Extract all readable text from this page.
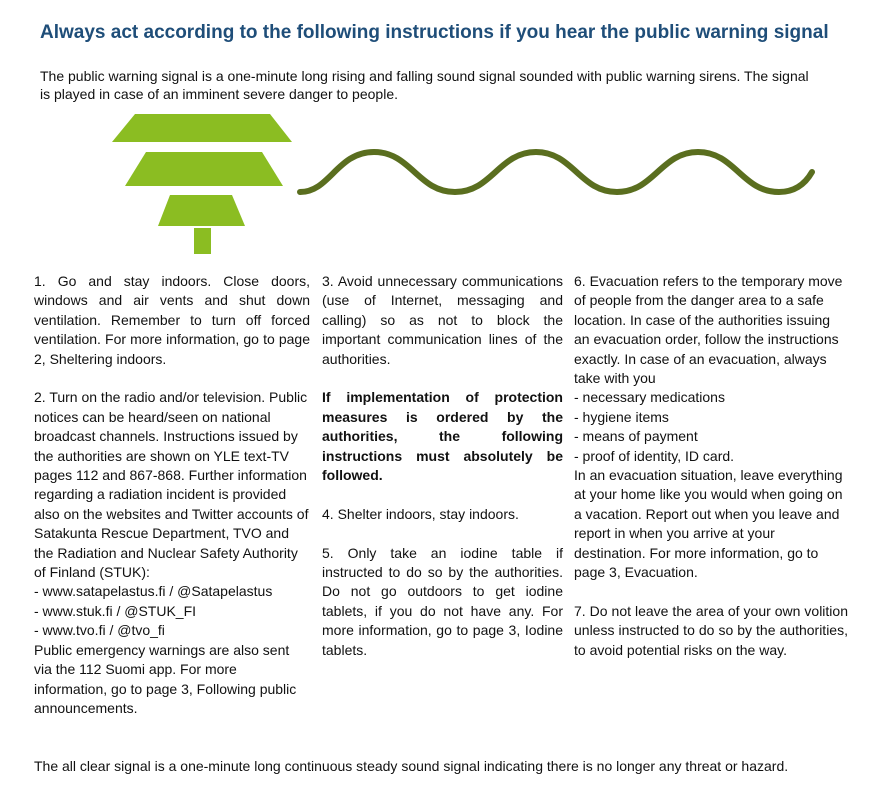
Always act according to the following instructions if you hear the public warning signal

The public warning signal is a one-minute long rising and falling sound signal sounded with public warning sirens. The signal is played in case of an imminent severe danger to people.

1. Go and stay indoors. Close doors, windows and air vents and shut down ventilation. Remember to turn off forced ventilation. For more information, go to page 2, Sheltering indoors.

2. Turn on the radio and/or television. Public notices can be heard/seen on national broadcast channels. Instructions issued by the authorities are shown on YLE text-TV pages 112 and 867-868. Further information regarding a radiation incident is provided also on the websites and Twitter accounts of Satakunta Rescue Department, TVO and the Radiation and Nuclear Safety Authority of Finland (STUK):

- www.satapelastus.fi / @Satapelastus
- www.stuk.fi / @STUK_FI
- www.tvo.fi / @tvo_fi

Public emergency warnings are also sent via the 112 Suomi app. For more information, go to page 3, Following public announcements.

3. Avoid unnecessary communications (use of Internet, messaging and calling) so as not to block the important communication lines of the authorities.

If implementation of protection measures is ordered by the authorities, the following instructions must absolutely be followed.

4. Shelter indoors, stay indoors.

5. Only take an iodine table if instructed to do so by the authorities. Do not go outdoors to get iodine tablets, if you do not have any. For more information, go to page 3, Iodine tablets.

6. Evacuation refers to the temporary move of people from the danger area to a safe location. In case of the authorities issuing an evacuation order, follow the instructions exactly. In case of an evacuation, always take with you

- necessary medications
- hygiene items
- means of payment
- proof of identity, ID card.

In an evacuation situation, leave everything at your home like you would when going on a vacation. Report out when you leave and report in when you arrive at your destination. For more information, go to page 3, Evacuation.

7. Do not leave the area of your own volition unless instructed to do so by the authorities, to avoid potential risks on the way.

The all clear signal is a one-minute long continuous steady sound signal indicating there is no longer any threat or hazard.
